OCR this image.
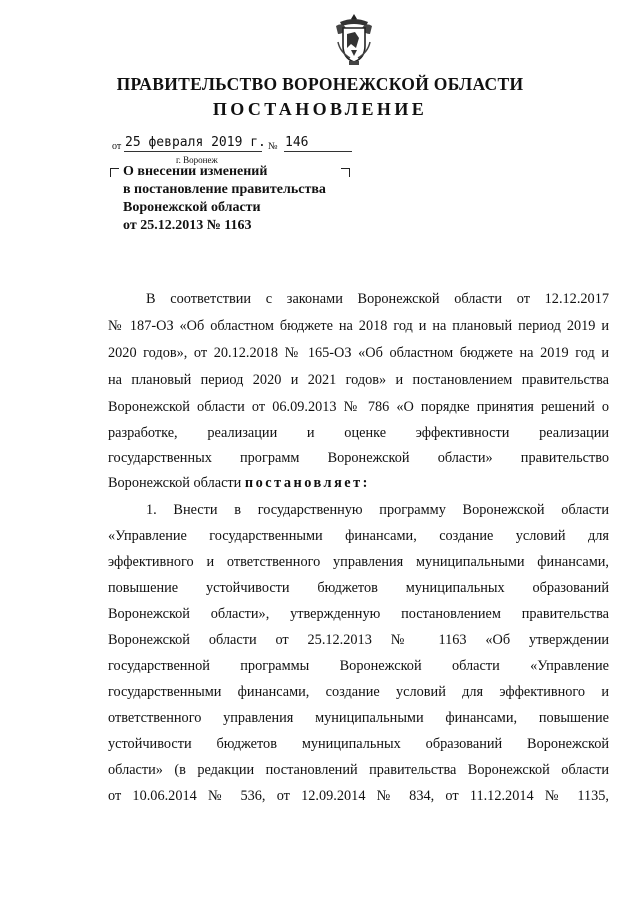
ПРАВИТЕЛЬСТВО ВОРОНЕЖСКОЙ ОБЛАСТИ
ПОСТАНОВЛЕНИЕ
от 25 февраля 2019 г. № 146
г. Воронеж
О внесении изменений
в постановление правительства
Воронежской области
от 25.12.2013 № 1163
В соответствии с законами Воронежской области от 12.12.2017
№ 187-ОЗ «Об областном бюджете на 2018 год и на плановый период 2019 и
2020 годов», от 20.12.2018 № 165-ОЗ «Об областном бюджете на 2019 год и
на плановый период 2020 и 2021 годов» и постановлением правительства
Воронежской области от 06.09.2013 № 786 «О порядке принятия решений о
разработке, реализации и оценке эффективности реализации
государственных программ Воронежской области» правительство
Воронежской области постановляет:
1. Внести в государственную программу Воронежской области
«Управление государственными финансами, создание условий для
эффективного и ответственного управления муниципальными финансами,
повышение устойчивости бюджетов муниципальных образований
Воронежской области», утвержденную постановлением правительства
Воронежской области от 25.12.2013 № 1163 «Об утверждении
государственной программы Воронежской области «Управление
государственными финансами, создание условий для эффективного и
ответственного управления муниципальными финансами, повышение
устойчивости бюджетов муниципальных образований Воронежской
области» (в редакции постановлений правительства Воронежской области
от 10.06.2014 № 536, от 12.09.2014 № 834, от 11.12.2014 № 1135,
